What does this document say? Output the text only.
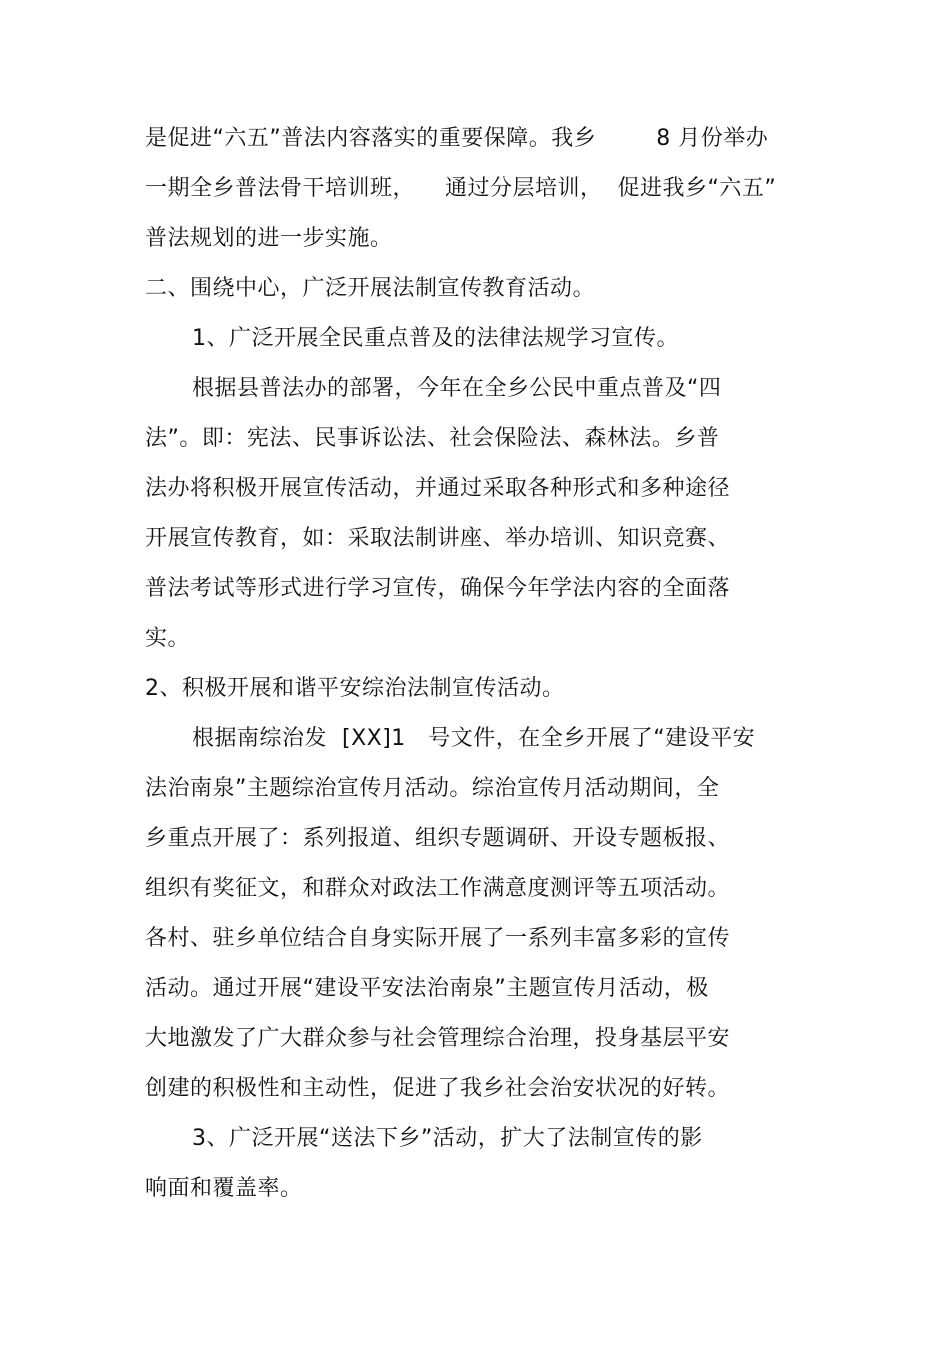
是促进“六五”普法内容落实的重要保障。我乡        8 月份举办
一期全乡普法骨干培训班，    通过分层培训，  促进我乡“六五”
普法规划的进一步实施。
二、围绕中心，广泛开展法制宣传教育活动。
1、广泛开展全民重点普及的法律法规学习宣传。
根据县普法办的部署，今年在全乡公民中重点普及“四
法”。即：宪法、民事诉讼法、社会保险法、森林法。乡普
法办将积极开展宣传活动，并通过采取各种形式和多种途径
开展宣传教育，如：采取法制讲座、举办培训、知识竞赛、
普法考试等形式进行学习宣传，确保今年学法内容的全面落
实。
2、积极开展和谐平安综治法制宣传活动。
根据南综治发  [XX]1   号文件，在全乡开展了“建设平安
法治南泉”主题综治宣传月活动。综治宣传月活动期间，全
乡重点开展了：系列报道、组织专题调研、开设专题板报、
组织有奖征文，和群众对政法工作满意度测评等五项活动。
各村、驻乡单位结合自身实际开展了一系列丰富多彩的宣传
活动。通过开展“建设平安法治南泉”主题宣传月活动，极
大地激发了广大群众参与社会管理综合治理，投身基层平安
创建的积极性和主动性，促进了我乡社会治安状况的好转。
3、广泛开展“送法下乡”活动，扩大了法制宣传的影
响面和覆盖率。
